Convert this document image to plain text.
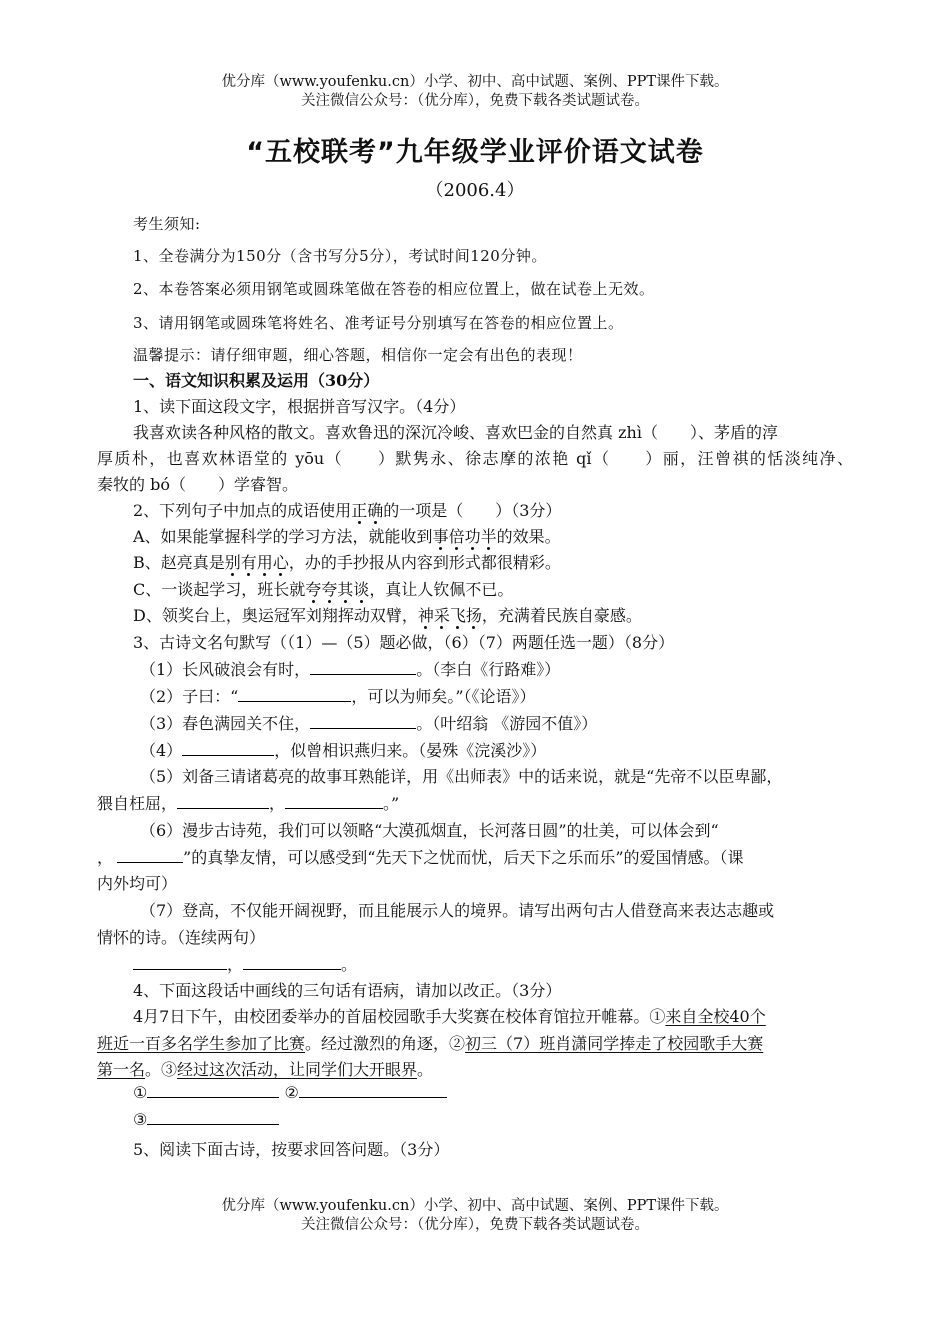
优分库（www.youfenku.cn）小学、初中、高中试题、案例、PPT课件下载。
关注微信公众号：（优分库），免费下载各类试题试卷。
“五校联考”九年级学业评价语文试卷
（2006.4）
考生须知:
1、全卷满分为150分（含书写分5分），考试时间120分钟。
2、本卷答案必须用钢笔或圆珠笔做在答卷的相应位置上，做在试卷上无效。
3、请用钢笔或圆珠笔将姓名、准考证号分别填写在答卷的相应位置上。
温馨提示：请仔细审题，细心答题，相信你一定会有出色的表现！
一、语文知识积累及运用（30分）
1、读下面这段文字，根据拼音写汉字。（4分）
我喜欢读各种风格的散文。喜欢鲁迅的深沉冷峻、喜欢巴金的自然真 zhì（　　）、茅盾的淳
厚质朴，也喜欢林语堂的 yōu（　　）默隽永、徐志摩的浓艳 qǐ（　　）丽，汪曾祺的恬淡纯净、
秦牧的 bó（　　）学睿智。
2、下列句子中加点的成语使用正确的一项是（　　）（3分）
A、如果能掌握科学的学习方法，就能收到事倍功半的效果。
B、赵亮真是别有用心，办的手抄报从内容到形式都很精彩。
C、一谈起学习，班长就夸夸其谈，真让人钦佩不已。
D、领奖台上，奥运冠军刘翔挥动双臂，神采飞扬，充满着民族自豪感。
3、古诗文名句默写（（1）—（5）题必做，（6）（7）两题任选一题）（8分）
（1）长风破浪会有时，	。（李白《行路难》）
（2）子曰：“	，可以为师矣。”（《论语》）
（3）春色满园关不住，	。（叶绍翁 《游园不值》）
（4）	，似曾相识燕归来。（晏殊《浣溪沙》）
（5）刘备三请诸葛亮的故事耳熟能详，用《出师表》中的话来说，就是“先帝不以臣卑鄙，
猥自枉屈，	，	。”
（6）漫步古诗苑，我们可以领略“大漠孤烟直，长河落日圆”的壮美，可以体会到“
，	”的真挚友情，可以感受到“先天下之忧而忧，后天下之乐而乐”的爱国情感。（课
内外均可）
（7）登高，不仅能开阔视野，而且能展示人的境界。请写出两句古人借登高来表达志趣或
情怀的诗。（连续两句）
，	。
4、下面这段话中画线的三句话有语病，请加以改正。（3分）
4月7日下午，由校团委举办的首届校园歌手大奖赛在校体育馆拉开帷幕。①来自全校40个
班近一百多名学生参加了比赛。经过激烈的角逐，②初三（7）班肖潇同学捧走了校园歌手大赛
第一名。③经过这次活动，让同学们大开眼界。
①	②
③
5、阅读下面古诗，按要求回答问题。（3分）
优分库（www.youfenku.cn）小学、初中、高中试题、案例、PPT课件下载。
关注微信公众号：（优分库），免费下载各类试题试卷。
